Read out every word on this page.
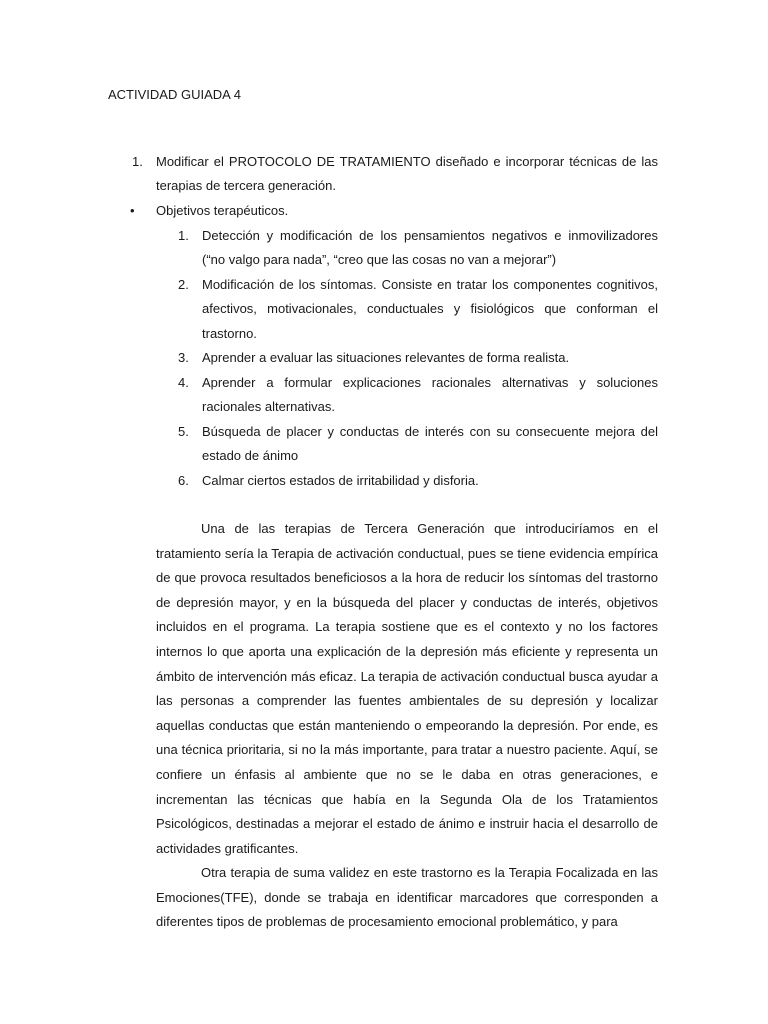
ACTIVIDAD GUIADA 4
1. Modificar el PROTOCOLO DE TRATAMIENTO diseñado e incorporar técnicas de las terapias de tercera generación.
• Objetivos terapéuticos.
1. Detección y modificación de los pensamientos negativos e inmovilizadores (“no valgo para nada”, “creo que las cosas no van a mejorar”)
2. Modificación de los síntomas. Consiste en tratar los componentes cognitivos, afectivos, motivacionales, conductuales y fisiológicos que conforman el trastorno.
3. Aprender a evaluar las situaciones relevantes de forma realista.
4. Aprender a formular explicaciones racionales alternativas y soluciones racionales alternativas.
5. Búsqueda de placer y conductas de interés con su consecuente mejora del estado de ánimo
6. Calmar ciertos estados de irritabilidad y disforia.
Una de las terapias de Tercera Generación que introduciríamos en el tratamiento sería la Terapia de activación conductual, pues se tiene evidencia empírica de que provoca resultados beneficiosos a la hora de reducir los síntomas del trastorno de depresión mayor, y en la búsqueda del placer y conductas de interés, objetivos incluidos en el programa. La terapia sostiene que es el contexto y no los factores internos lo que aporta una explicación de la depresión más eficiente y representa un ámbito de intervención más eficaz. La terapia de activación conductual busca ayudar a las personas a comprender las fuentes ambientales de su depresión y localizar aquellas conductas que están manteniendo o empeorando la depresión. Por ende, es una técnica prioritaria, si no la más importante, para tratar a nuestro paciente. Aquí, se confiere un énfasis al ambiente que no se le daba en otras generaciones, e incrementan las técnicas que había en la Segunda Ola de los Tratamientos Psicológicos, destinadas a mejorar el estado de ánimo e instruir hacia el desarrollo de actividades gratificantes.
Otra terapia de suma validez en este trastorno es la Terapia Focalizada en las Emociones(TFE), donde se trabaja en identificar marcadores que corresponden a diferentes tipos de problemas de procesamiento emocional problemático, y para
